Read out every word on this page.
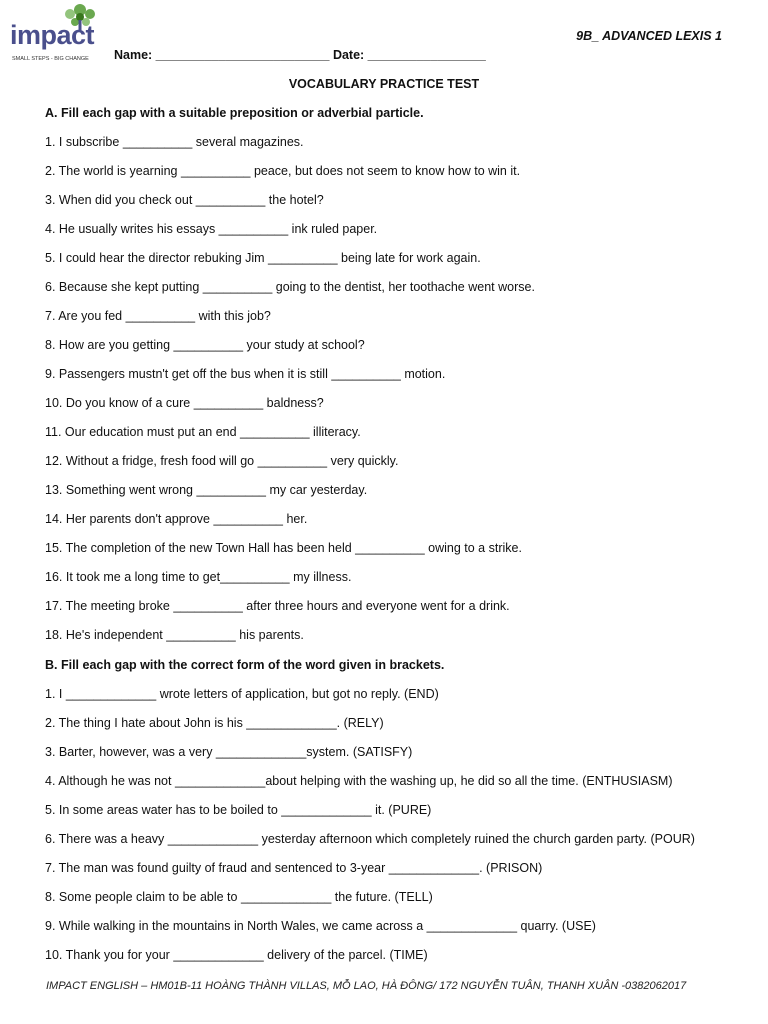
impact
SMALL STEPS - BIG CHANGE
9B_ ADVANCED LEXIS 1
Name: _________________________ Date: _________________
VOCABULARY PRACTICE TEST
A. Fill each gap with a suitable preposition or adverbial particle.
1. I subscribe __________ several magazines.
2. The world is yearning __________ peace, but does not seem to know how to win it.
3. When did you check out __________ the hotel?
4. He usually writes his essays __________ ink ruled paper.
5. I could hear the director rebuking Jim __________ being late for work again.
6. Because she kept putting __________ going to the dentist, her toothache went worse.
7. Are you fed __________ with this job?
8. How are you getting __________ your study at school?
9. Passengers mustn't get off the bus when it is still __________ motion.
10. Do you know of a cure __________ baldness?
11. Our education must put an end __________ illiteracy.
12. Without a fridge, fresh food will go __________ very quickly.
13. Something went wrong __________ my car yesterday.
14. Her parents don't approve __________ her.
15. The completion of the new Town Hall has been held __________ owing to a strike.
16. It took me a long time to get__________ my illness.
17. The meeting broke __________ after three hours and everyone went for a drink.
18. He's independent __________ his parents.
B. Fill each gap with the correct form of the word given in brackets.
1. I _____________ wrote letters of application, but got no reply. (END)
2. The thing I hate about John is his _____________. (RELY)
3. Barter, however, was a very _____________system. (SATISFY)
4. Although he was not _____________about helping with the washing up, he did so all the time. (ENTHUSIASM)
5. In some areas water has to be boiled to _____________ it. (PURE)
6. There was a heavy _____________ yesterday afternoon which completely ruined the church garden party. (POUR)
7. The man was found guilty of fraud and sentenced to 3-year _____________. (PRISON)
8. Some people claim to be able to _____________ the future. (TELL)
9. While walking in the mountains in North Wales, we came across a _____________ quarry. (USE)
10. Thank you for your _____________ delivery of the parcel. (TIME)
IMPACT ENGLISH – HM01B-11 HOÀNG THÀNH VILLAS, MỖ LAO, HÀ ĐÔNG/ 172 NGUYỄN TUÂN, THANH XUÂN -0382062017
